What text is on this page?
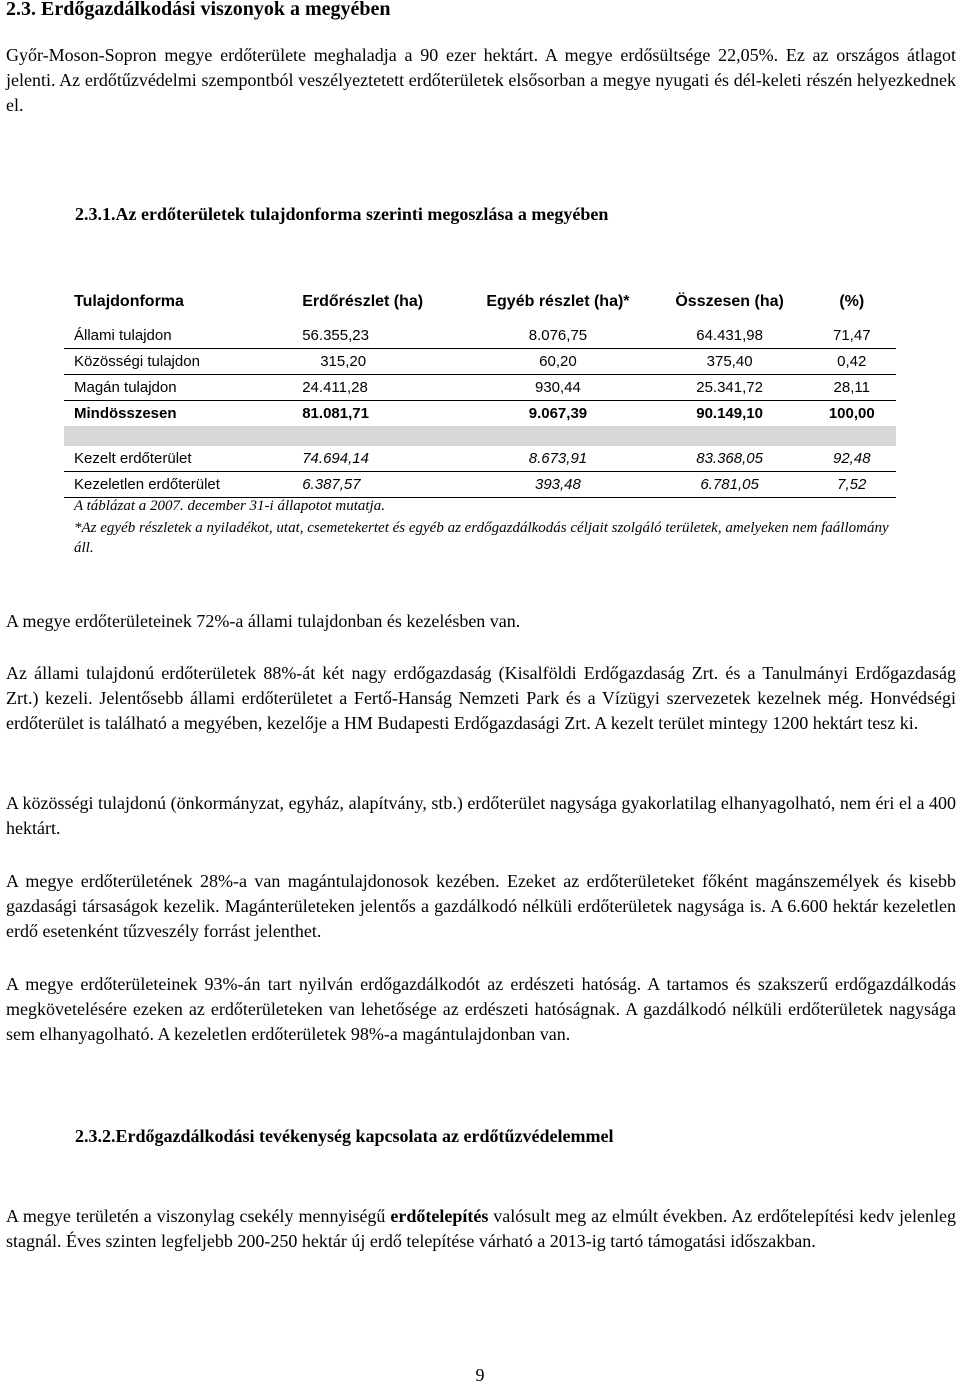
2.3. Erdőgazdálkodási viszonyok a megyében

Győr-Moson-Sopron megye erdőterülete meghaladja a 90 ezer hektárt. A megye erdősültsége 22,05%. Ez az országos átlagot jelenti. Az erdőtűzvédelmi szempontból veszélyeztetett erdőterületek elsősorban a megye nyugati és dél-keleti részén helyezkednek el.

2.3.1.Az erdőterületek tulajdonforma szerinti megoszlása a megyében
Tulajdonforma	Erdőrészlet (ha)	Egyéb részlet (ha)*	Összesen (ha)	(%)
Állami tulajdon	56.355,23	8.076,75	64.431,98	71,47
Közösségi tulajdon	315,20	60,20	375,40	0,42
Magán tulajdon	24.411,28	930,44	25.341,72	28,11
Mindösszesen	81.081,71	9.067,39	90.149,10	100,00

Kezelt erdőterület	74.694,14	8.673,91	83.368,05	92,48
Kezeletlen erdőterület	6.387,57	393,48	6.781,05	7,52

A táblázat a 2007. december 31-i állapotot mutatja.

*Az egyéb részletek a nyiladékot, utat, csemetekertet és egyéb az erdőgazdálkodás céljait szolgáló területek, amelyeken nem faállomány áll.

A megye erdőterületeinek 72%-a állami tulajdonban és kezelésben van.

Az állami tulajdonú erdőterületek 88%-át két nagy erdőgazdaság (Kisalföldi Erdőgazdaság Zrt. és a Tanulmányi Erdőgazdaság Zrt.) kezeli. Jelentősebb állami erdőterületet a Fertő-Hanság Nemzeti Park és a Vízügyi szervezetek kezelnek még. Honvédségi erdőterület is található a megyében, kezelője a HM Budapesti Erdőgazdasági Zrt. A kezelt terület mintegy 1200 hektárt tesz ki.

A közösségi tulajdonú (önkormányzat, egyház, alapítvány, stb.) erdőterület nagysága gyakorlatilag elhanyagolható, nem éri el a 400 hektárt.

A megye erdőterületének 28%-a van magántulajdonosok kezében. Ezeket az erdőterületeket főként magánszemélyek és kisebb gazdasági társaságok kezelik. Magánterületeken jelentős a gazdálkodó nélküli erdőterületek nagysága is. A 6.600 hektár kezeletlen erdő esetenként tűzveszély forrást jelenthet.

A megye erdőterületeinek 93%-án tart nyilván erdőgazdálkodót az erdészeti hatóság. A tartamos és szakszerű erdőgazdálkodás megkövetelésére ezeken az erdőterületeken van lehetősége az erdészeti hatóságnak. A gazdálkodó nélküli erdőterületek nagysága sem elhanyagolható. A kezeletlen erdőterületek 98%-a magántulajdonban van.

2.3.2.Erdőgazdálkodási tevékenység kapcsolata az erdőtűzvédelemmel

A megye területén a viszonylag csekély mennyiségű erdőtelepítés valósult meg az elmúlt években. Az erdőtelepítési kedv jelenleg stagnál. Éves szinten legfeljebb 200-250 hektár új erdő telepítése várható a 2013-ig tartó támogatási időszakban.

9
